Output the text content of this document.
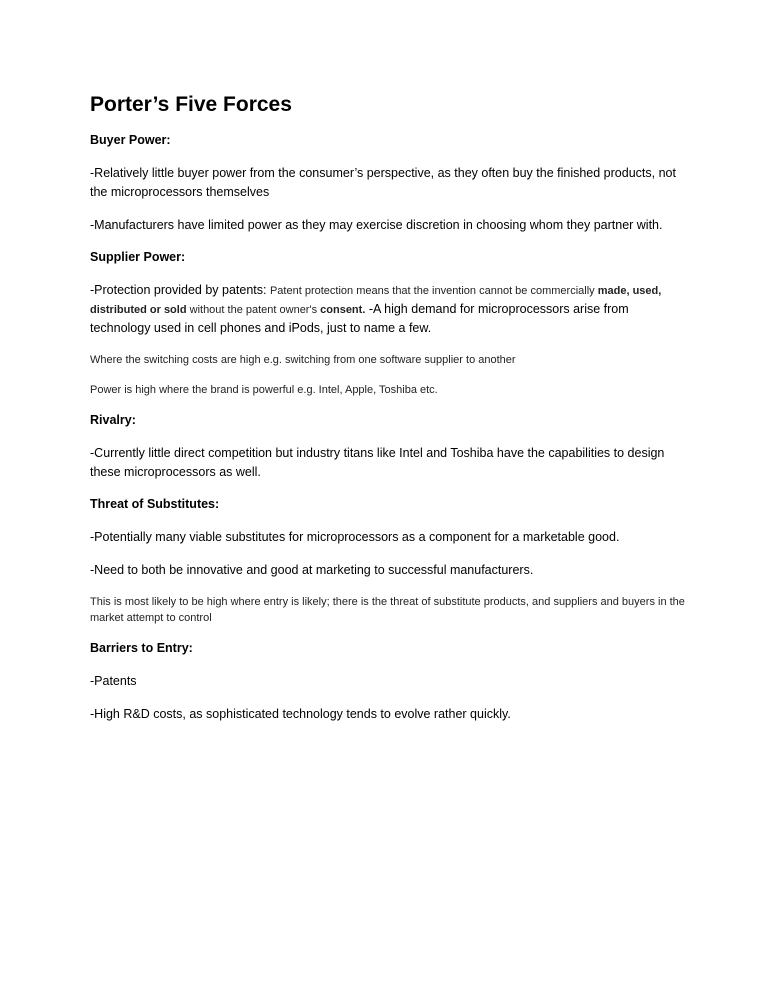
Porter’s Five Forces
Buyer Power:

-Relatively little buyer power from the consumer’s perspective, as they often buy the finished products, not the microprocessors themselves

-Manufacturers have limited power as they may exercise discretion in choosing whom they partner with.

Supplier Power:

-Protection provided by patents: Patent protection means that the invention cannot be commercially made, used, distributed or sold without the patent owner's consent. -A high demand for microprocessors arise from technology used in cell phones and iPods, just to name a few.

Where the switching costs are high e.g. switching from one software supplier to another

Power is high where the brand is powerful e.g. Intel, Apple, Toshiba etc.

Rivalry:

-Currently little direct competition but industry titans like Intel and Toshiba have the capabilities to design these microprocessors as well.

Threat of Substitutes:

-Potentially many viable substitutes for microprocessors as a component for a marketable good.

-Need to both be innovative and good at marketing to successful manufacturers.

This is most likely to be high where entry is likely; there is the threat of substitute products, and suppliers and buyers in the market attempt to control

Barriers to Entry:

-Patents

-High R&D costs, as sophisticated technology tends to evolve rather quickly.
